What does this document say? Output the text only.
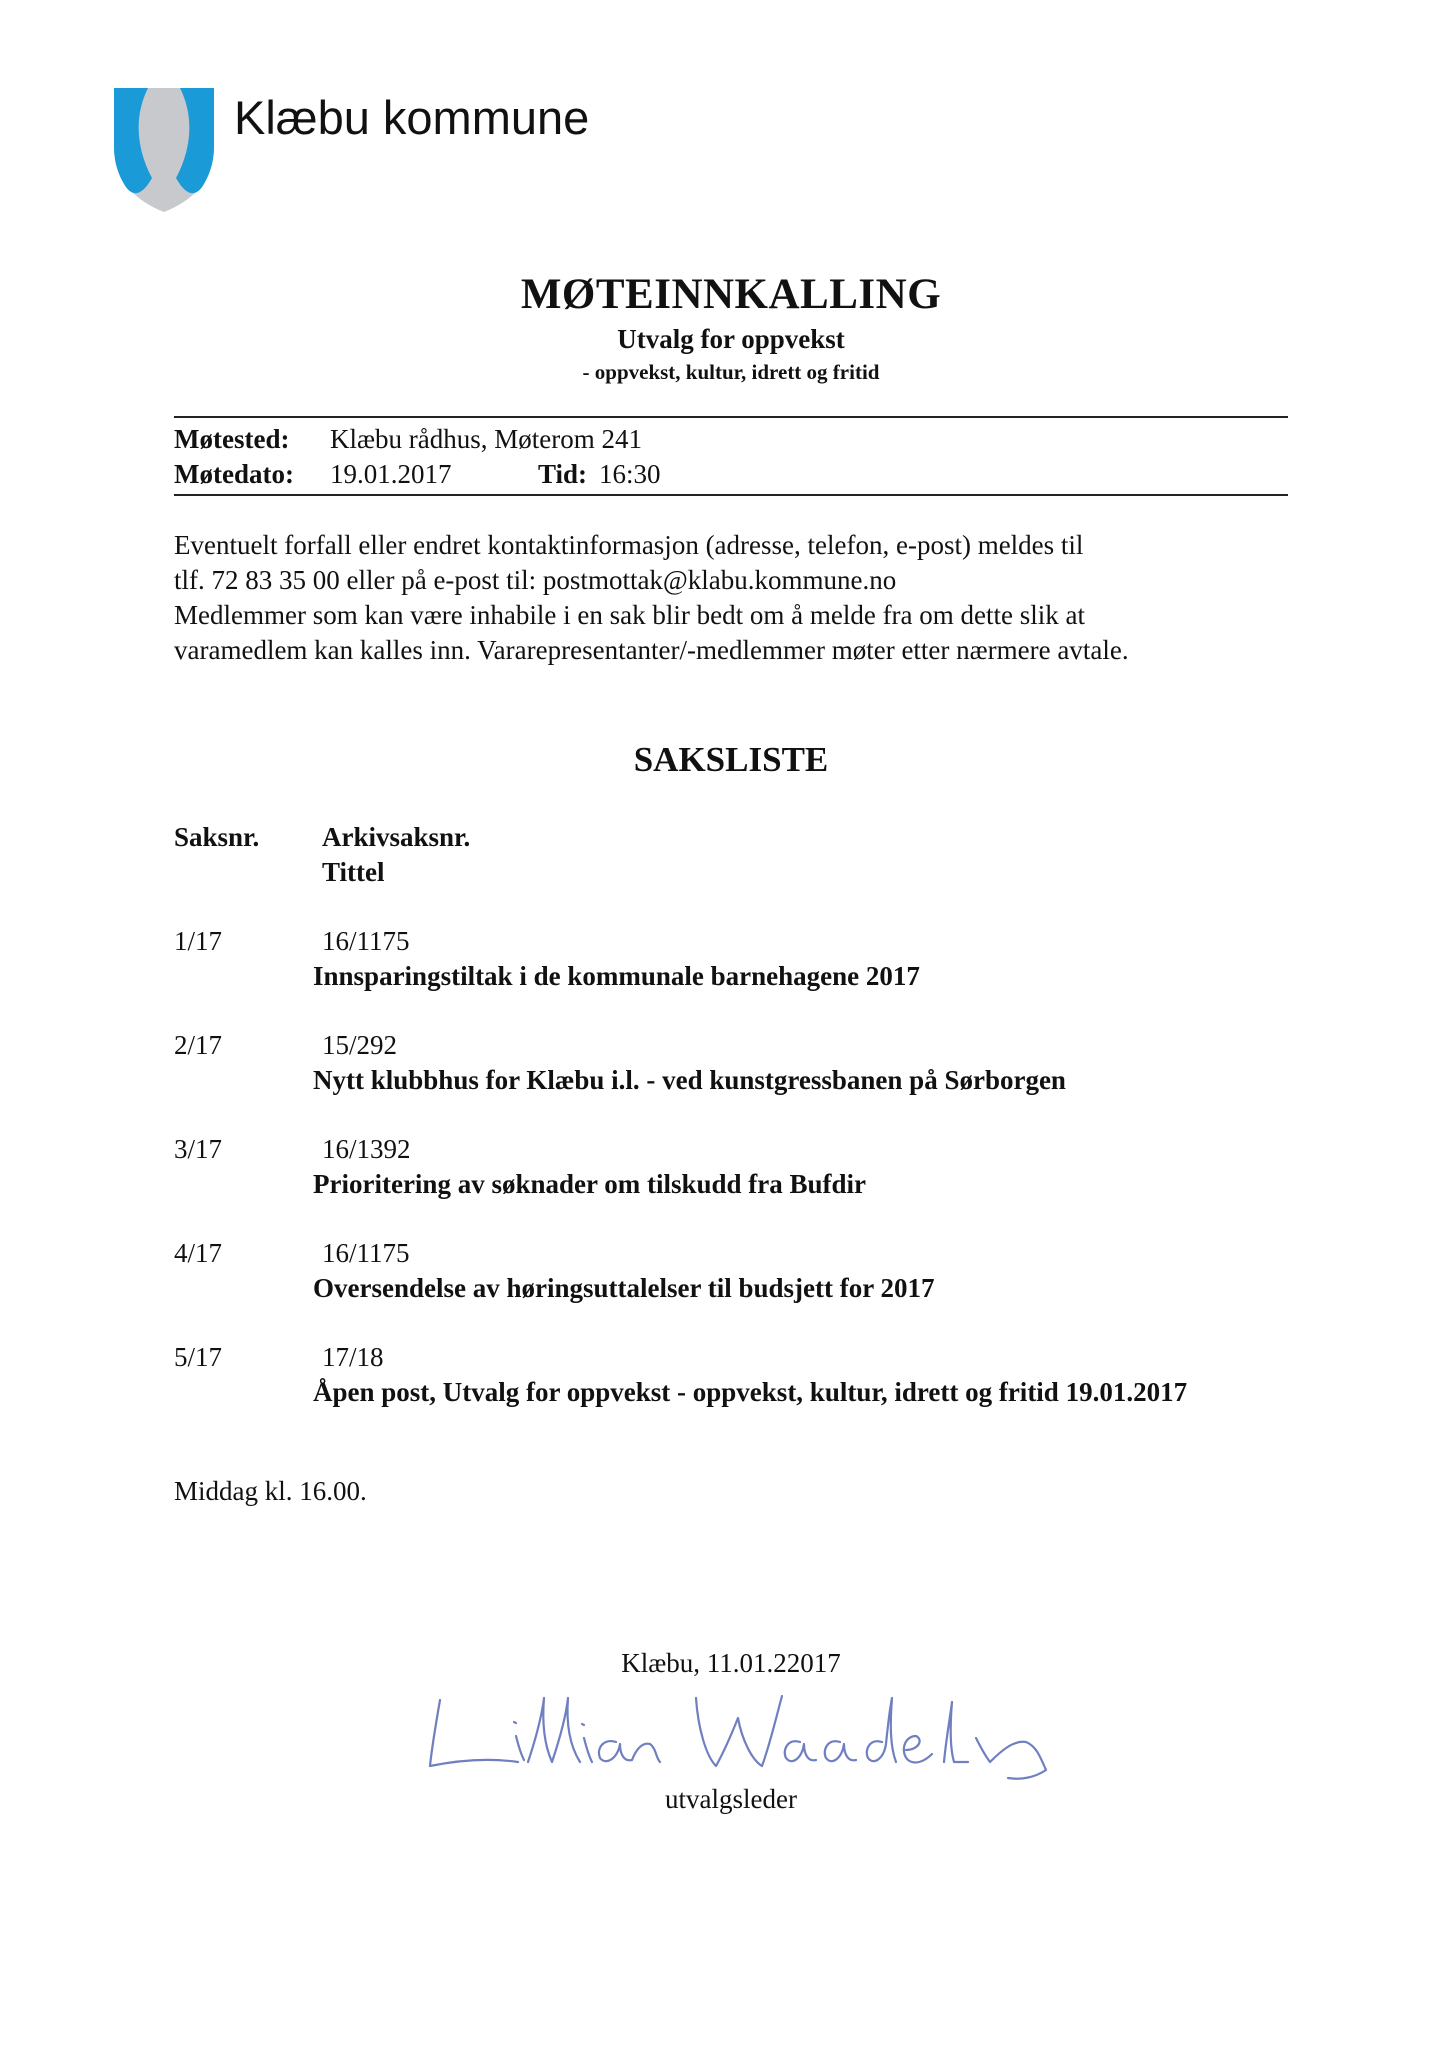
Klæbu kommune
MØTEINNKALLING
Utvalg for oppvekst
- oppvekst, kultur, idrett og fritid
Møtested: Klæbu rådhus, Møterom 241
Møtedato: 19.01.2017	Tid: 16:30
Eventuelt forfall eller endret kontaktinformasjon (adresse, telefon, e-post) meldes til
tlf. 72 83 35 00 eller på e-post til: postmottak@klabu.kommune.no
Medlemmer som kan være inhabile i en sak blir bedt om å melde fra om dette slik at
varamedlem kan kalles inn. Vararepresentanter/-medlemmer møter etter nærmere avtale.
SAKSLISTE
Saksnr. Arkivsaksnr.
Tittel
1/17	16/1175
Innsparingstiltak i de kommunale barnehagene 2017
2/17	15/292
Nytt klubbhus for Klæbu i.l. - ved kunstgressbanen på Sørborgen
3/17	16/1392
Prioritering av søknader om tilskudd fra Bufdir
4/17	16/1175
Oversendelse av høringsuttalelser til budsjett for 2017
5/17	17/18
Åpen post, Utvalg for oppvekst - oppvekst, kultur, idrett og fritid 19.01.2017
Middag kl. 16.00.
Klæbu, 11.01.22017
utvalgsleder
